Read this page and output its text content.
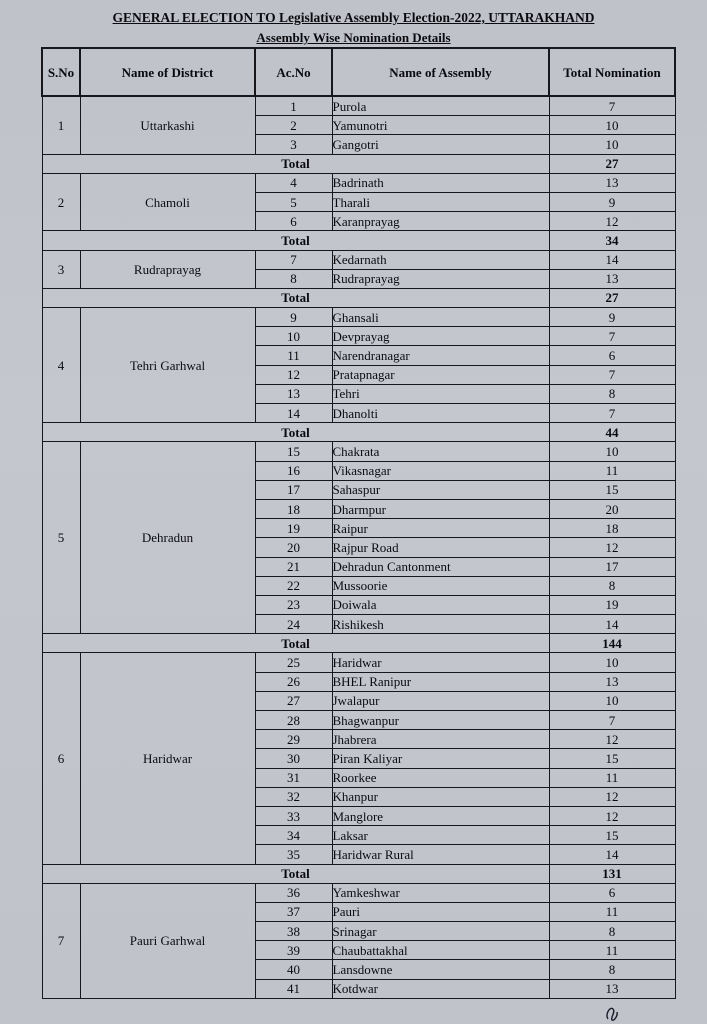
GENERAL ELECTION TO Legislative Assembly Election-2022, UTTARAKHAND
Assembly Wise Nomination Details
S.No	Name of District	Ac.No	Name of Assembly	Total Nomination
1	Uttarkashi	1	Purola	7
		2	Yamunotri	10
		3	Gangotri	10
Total				27
2	Chamoli	4	Badrinath	13
		5	Tharali	9
		6	Karanprayag	12
Total				34
3	Rudraprayag	7	Kedarnath	14
		8	Rudraprayag	13
Total				27
4	Tehri Garhwal	9	Ghansali	9
		10	Devprayag	7
		11	Narendranagar	6
		12	Pratapnagar	7
		13	Tehri	8
		14	Dhanolti	7
Total				44
5	Dehradun	15	Chakrata	10
		16	Vikasnagar	11
		17	Sahaspur	15
		18	Dharmpur	20
		19	Raipur	18
		20	Rajpur Road	12
		21	Dehradun Cantonment	17
		22	Mussoorie	8
		23	Doiwala	19
		24	Rishikesh	14
Total				144
6	Haridwar	25	Haridwar	10
		26	BHEL Ranipur	13
		27	Jwalapur	10
		28	Bhagwanpur	7
		29	Jhabrera	12
		30	Piran Kaliyar	15
		31	Roorkee	11
		32	Khanpur	12
		33	Manglore	12
		34	Laksar	15
		35	Haridwar Rural	14
Total				131
7	Pauri Garhwal	36	Yamkeshwar	6
		37	Pauri	11
		38	Srinagar	8
		39	Chaubattakhal	11
		40	Lansdowne	8
		41	Kotdwar	13
